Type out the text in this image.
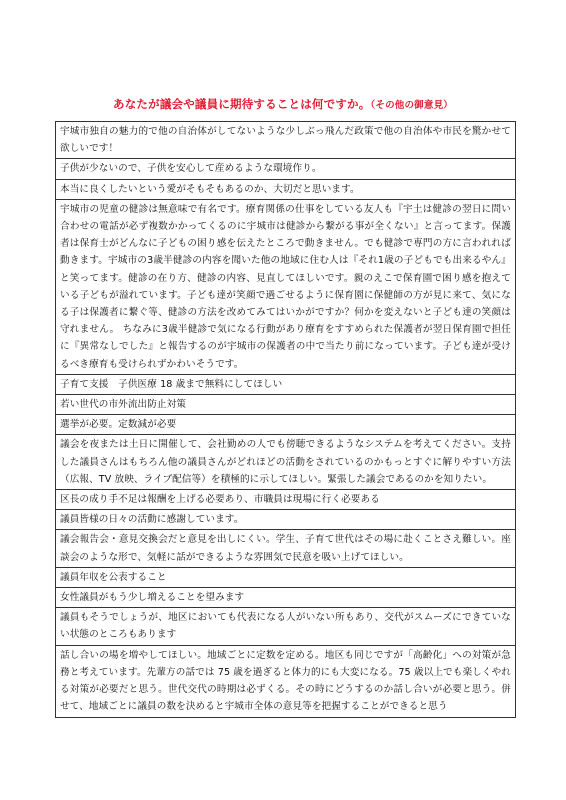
あなたが議会や議員に期待することは何ですか。（その他の御意見）
宇城市独自の魅力的で他の自治体がしてないような少しぶっ飛んだ政策で他の自治体や市民を驚かせて欲しいです！
子供が少ないので、子供を安心して産めるような環境作り。
本当に良くしたいという愛がそもそもあるのか、大切だと思います。
宇城市の児童の健診は無意味で有名です。療育関係の仕事をしている友人も『宇土は健診の翌日に問い合わせの電話が必ず複数かかってくるのに宇城市は健診から繋がる事が全くない』と言ってます。保護者は保育士がどんなに子どもの困り感を伝えたところで動きません。でも健診で専門の方に言われれば動きます。宇城市の3歳半健診の内容を聞いた他の地域に住む人は『それ1歳の子どもでも出来るやん』と笑ってます。健診の在り方、健診の内容、見直してほしいです。親のえこで保育園で困り感を抱えている子どもが溢れています。子ども達が笑顔で過ごせるように保育園に保健師の方が見に来て、気になる子は保護者に繋ぐ等、健診の方法を改めてみてはいかがですか？何かを変えないと子ども達の笑顔は守れません。 ちなみに3歳半健診で気になる行動があり療育をすすめられた保護者が翌日保育園で担任に『異常なしでした』と報告するのが宇城市の保護者の中で当たり前になっています。子ども達が受けるべき療育も受けられずかわいそうです。
子育て支援　子供医療 18 歳まで無料にしてほしい
若い世代の市外流出防止対策
選挙が必要。定数減が必要
議会を夜または土日に開催して、会社勤めの人でも傍聴できるようなシステムを考えてください。支持した議員さんはもちろん他の議員さんがどれほどの活動をされているのかもっとすぐに解りやすい方法（広報、TV 放映、ライブ配信等）を積極的に示してほしい。緊張した議会であるのかを知りたい。
区長の成り手不足は報酬を上げる必要あり、市職員は現場に行く必要ある
議員皆様の日々の活動に感謝しています。
議会報告会・意見交換会だと意見を出しにくい。学生、子育て世代はその場に赴くことさえ難しい。座談会のような形で、気軽に話ができるような雰囲気で民意を吸い上げてほしい。
議員年収を公表すること
女性議員がもう少し増えることを望みます
議員もそうでしょうが、地区においても代表になる人がいない所もあり、交代がスムーズにできていない状態のところもあります
話し合いの場を増やしてほしい。地域ごとに定数を定める。地区も同じですが「高齢化」への対策が急務と考えています。先輩方の話では 75 歳を過ぎると体力的にも大変になる。75 歳以上でも楽しくやれる対策が必要だと思う。世代交代の時期は必ずくる。その時にどうするのか話し合いが必要と思う。併せて、地域ごとに議員の数を決めると宇城市全体の意見等を把握することができると思う
